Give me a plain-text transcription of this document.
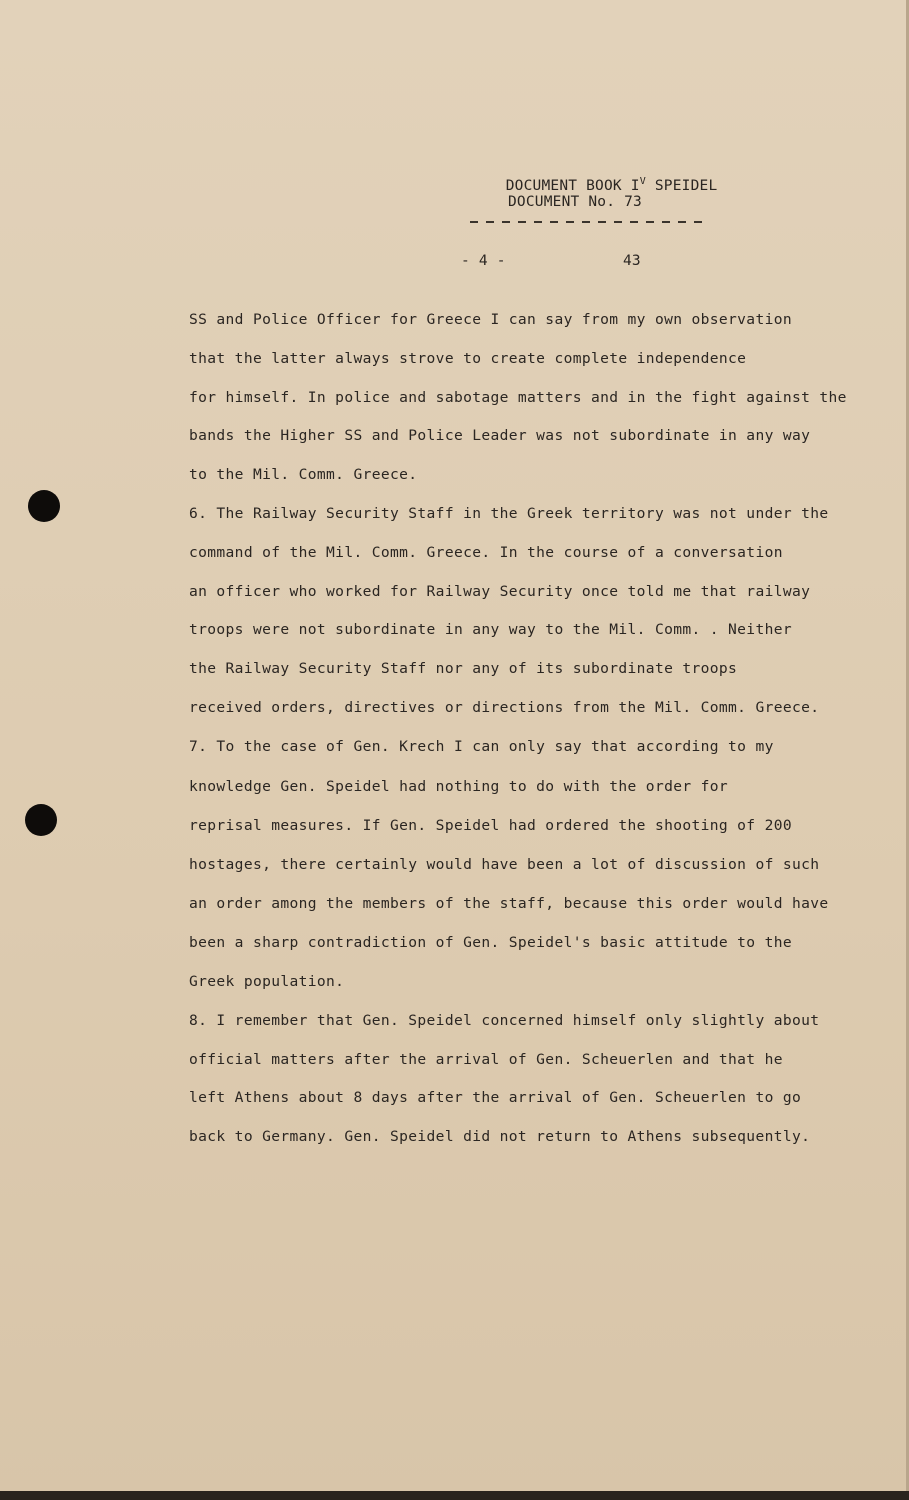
DOCUMENT BOOK $I^V$ SPEIDEL

DOCUMENT No. 73
- 4 -	43
SS and Police Officer for Greece I can say from my own observation
that the latter always strove to create complete independence
for himself. In police and sabotage matters and in the fight against the
bands the Higher SS and Police Leader was not subordinate in any way
to the Mil. Comm. Greece.
6. The Railway Security Staff in the Greek territory was not under the
command of the Mil. Comm. Greece. In the course of a conversation
an officer who worked for Railway Security once told me that railway
troops were not subordinate in any way to the Mil. Comm. . Neither
the Railway Security Staff nor any of its subordinate troops
received orders, directives or directions from the Mil. Comm. Greece.
7. To the case of Gen. Krech I can only say that according to my
knowledge Gen. Speidel had nothing to do with the order for
reprisal measures. If Gen. Speidel had ordered the shooting of 200
hostages, there certainly would have been a lot of discussion of such
an order among the members of the staff, because this order would have
been a sharp contradiction of Gen. Speidel's basic attitude to the
Greek population.
8. I remember that Gen. Speidel concerned himself only slightly about
official matters after the arrival of Gen. Scheuerlen and that he
left Athens about 8 days after the arrival of Gen. Scheuerlen to go
back to Germany. Gen. Speidel did not return to Athens subsequently.
